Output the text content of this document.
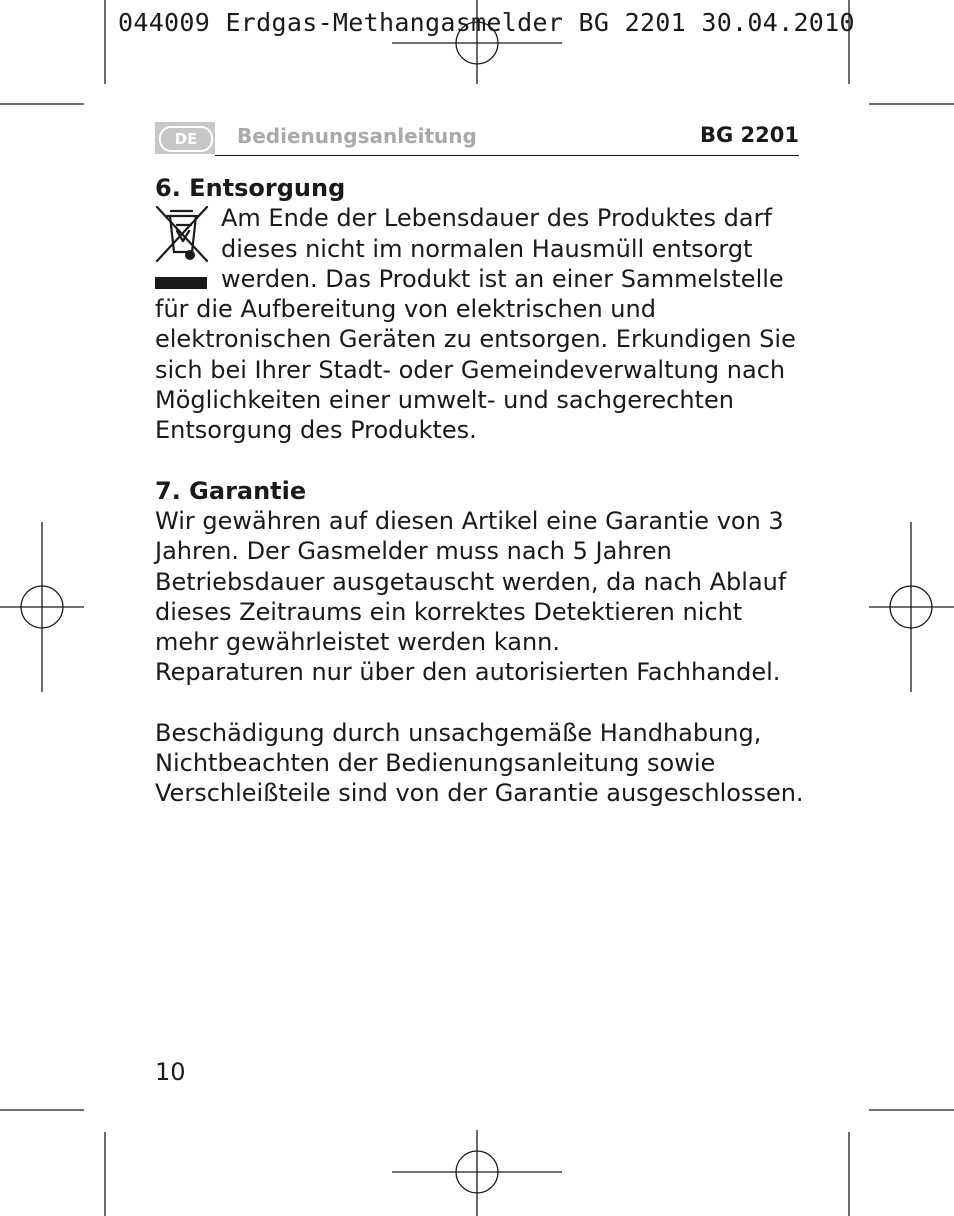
044009 Erdgas-Methangasmelder BG 2201 30.04.2010
DE	Bedienungsanleitung	BG 2201
6. Entsorgung

Am Ende der Lebensdauer des Produktes darf dieses nicht im normalen Hausmüll entsorgt werden. Das Produkt ist an einer Sammelstelle für die Aufbereitung von elektrischen und elektronischen Geräten zu entsorgen. Erkundigen Sie sich bei Ihrer Stadt- oder Gemeindeverwaltung nach Möglichkeiten einer umwelt- und sachgerechten Entsorgung des Produktes.

7. Garantie

Wir gewähren auf diesen Artikel eine Garantie von 3 Jahren. Der Gasmelder muss nach 5 Jahren Betriebsdauer ausgetauscht werden, da nach Ablauf dieses Zeitraums ein korrektes Detektieren nicht mehr gewährleistet werden kann.

Reparaturen nur über den autorisierten Fachhandel.

Beschädigung durch unsachgemäße Handhabung, Nichtbeachten der Bedienungsanleitung sowie Verschleißteile sind von der Garantie ausgeschlossen.

10
